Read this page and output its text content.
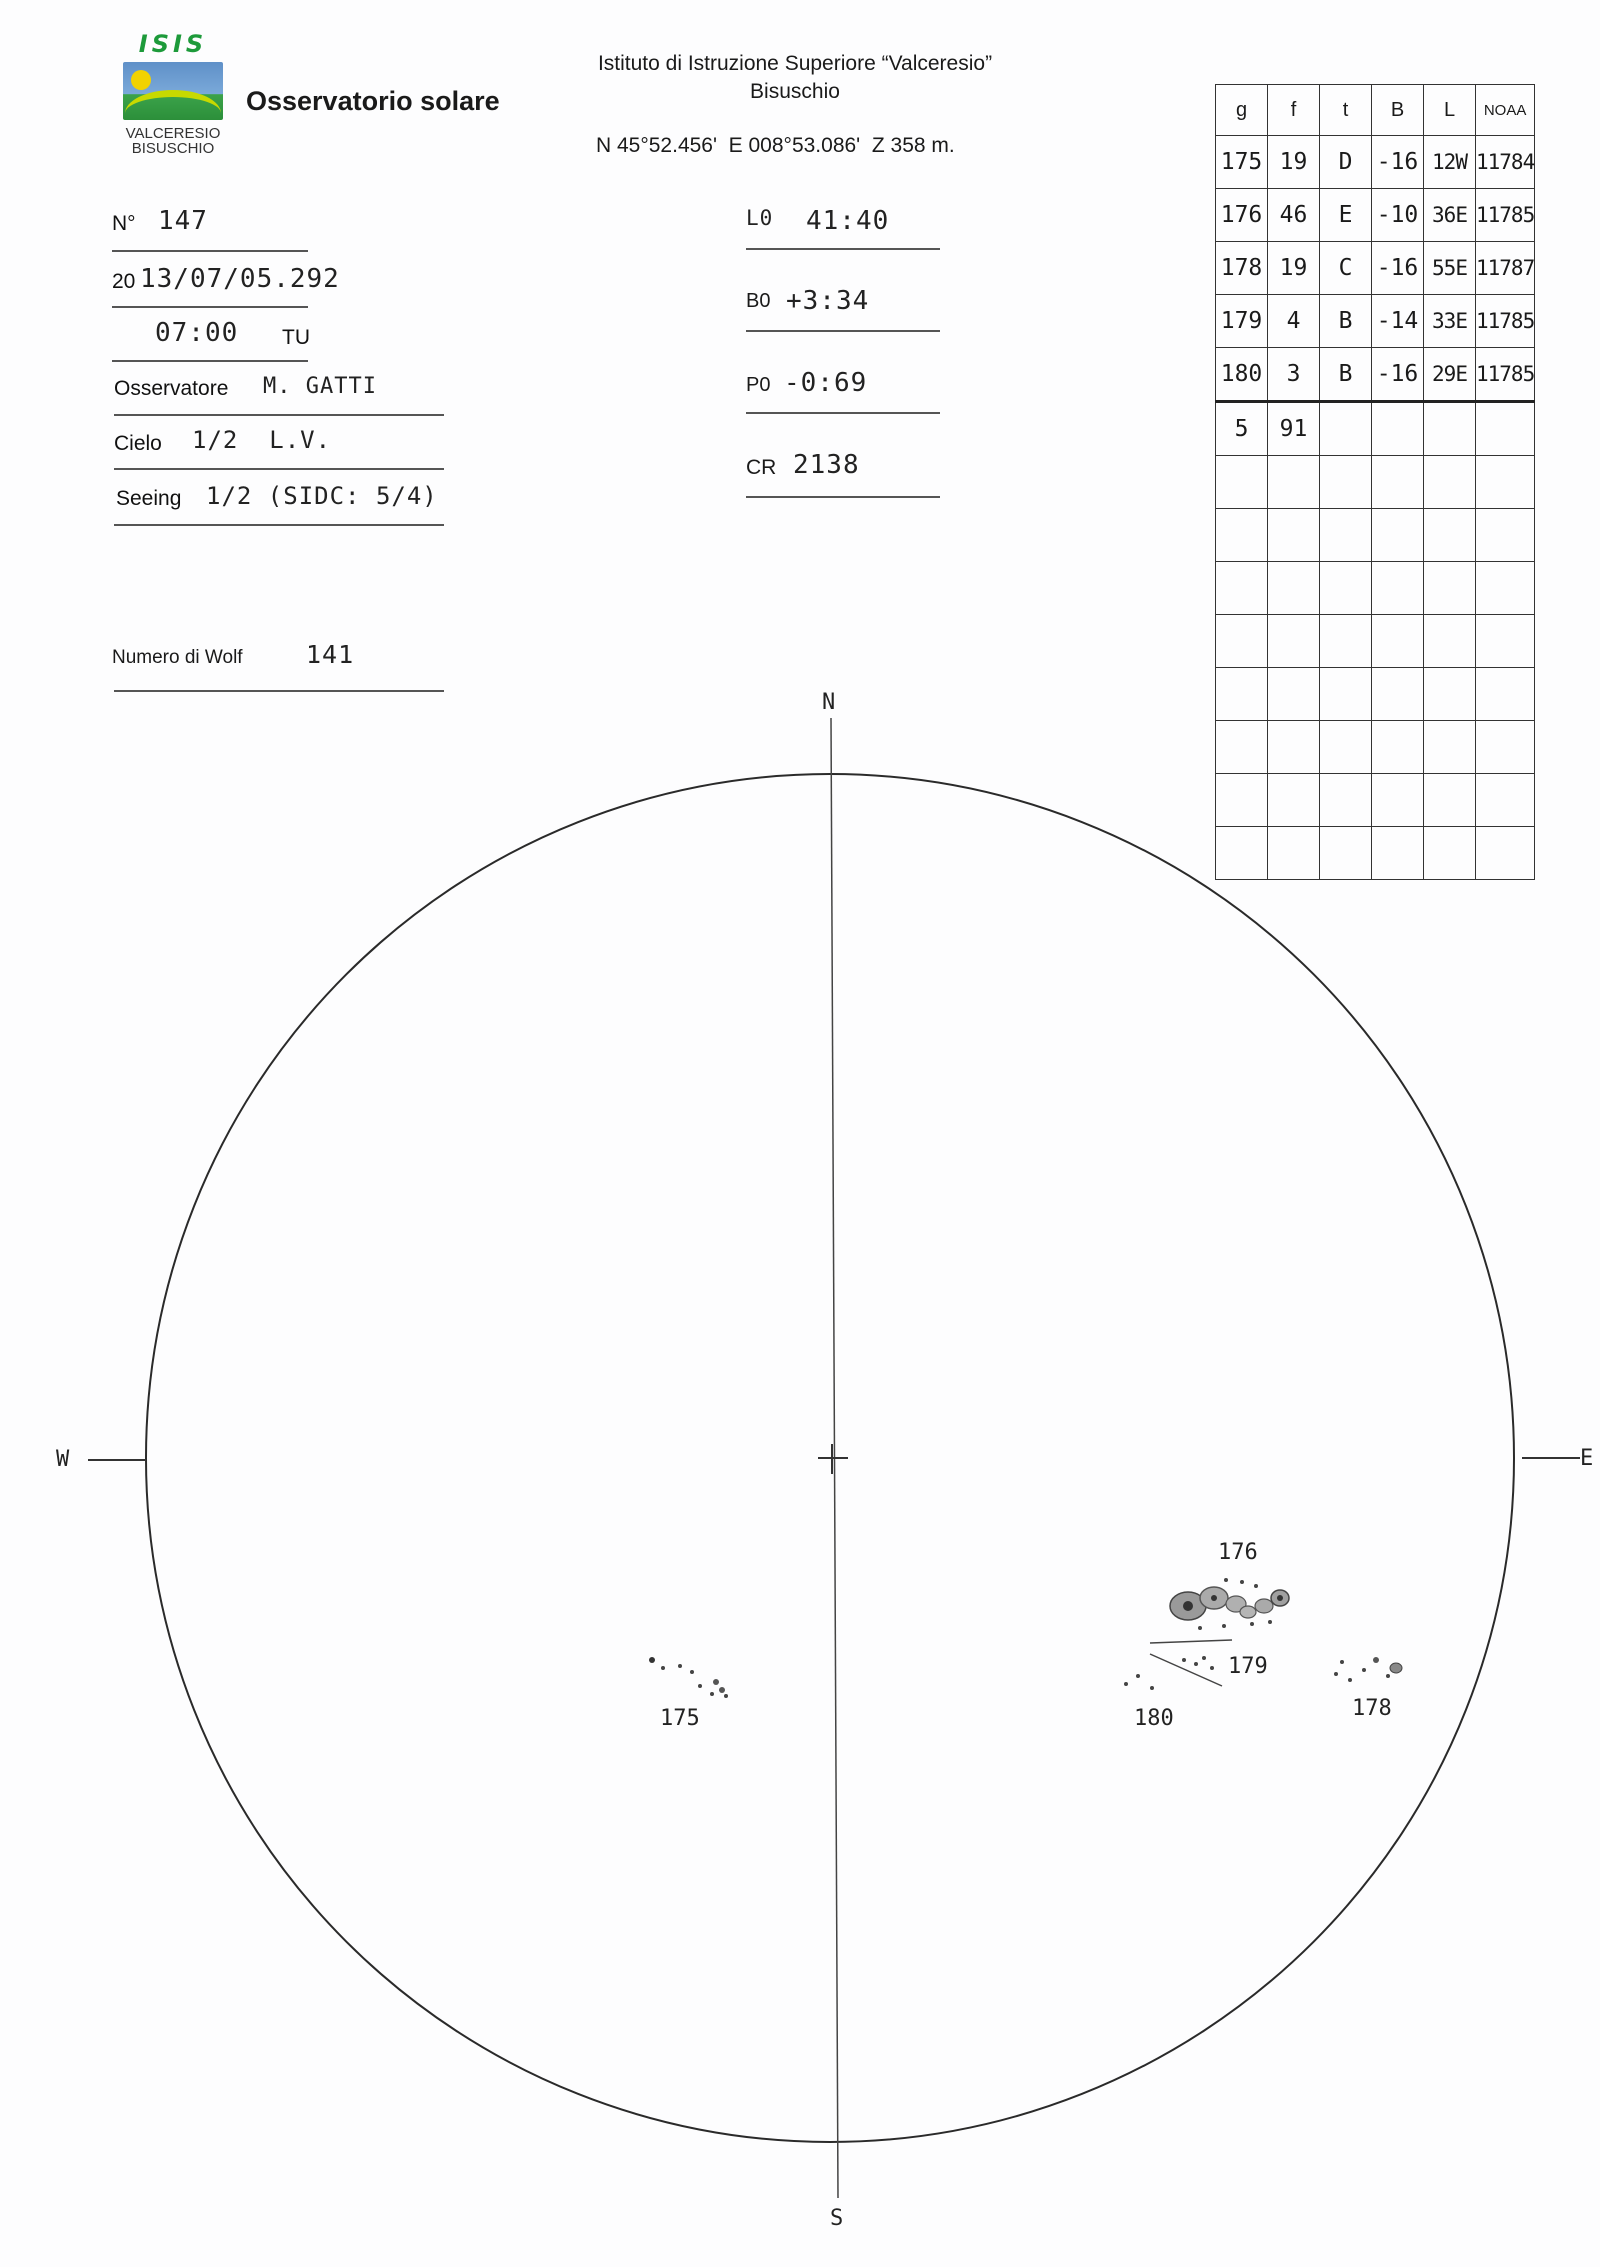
ISIS
VALCERESIO
BISUSCHIO
Osservatorio solare
Istituto di Istruzione Superiore “Valceresio”
Bisuschio
N 45°52.456'  E 008°53.086'  Z 358 m.
N° 147
20 13/07/05.292
07:00 TU
Osservatore M. GATTI
Cielo 1/2  L.V.
Seeing 1/2 (SIDC: 5/4)
Numero di Wolf	141
L0 41:40
B0 +3:34
P0 -0:69
CR 2138
g	f	t	B	L	NOAA
175	19	D	-16	12W	11784
176	46	E	-10	36E	11785
178	19	C	-16	55E	11787
179	4	B	-14	33E	11785
180	3	B	-16	29E	11785
5	91				

N
S
W	E
175
176
178
179
180
